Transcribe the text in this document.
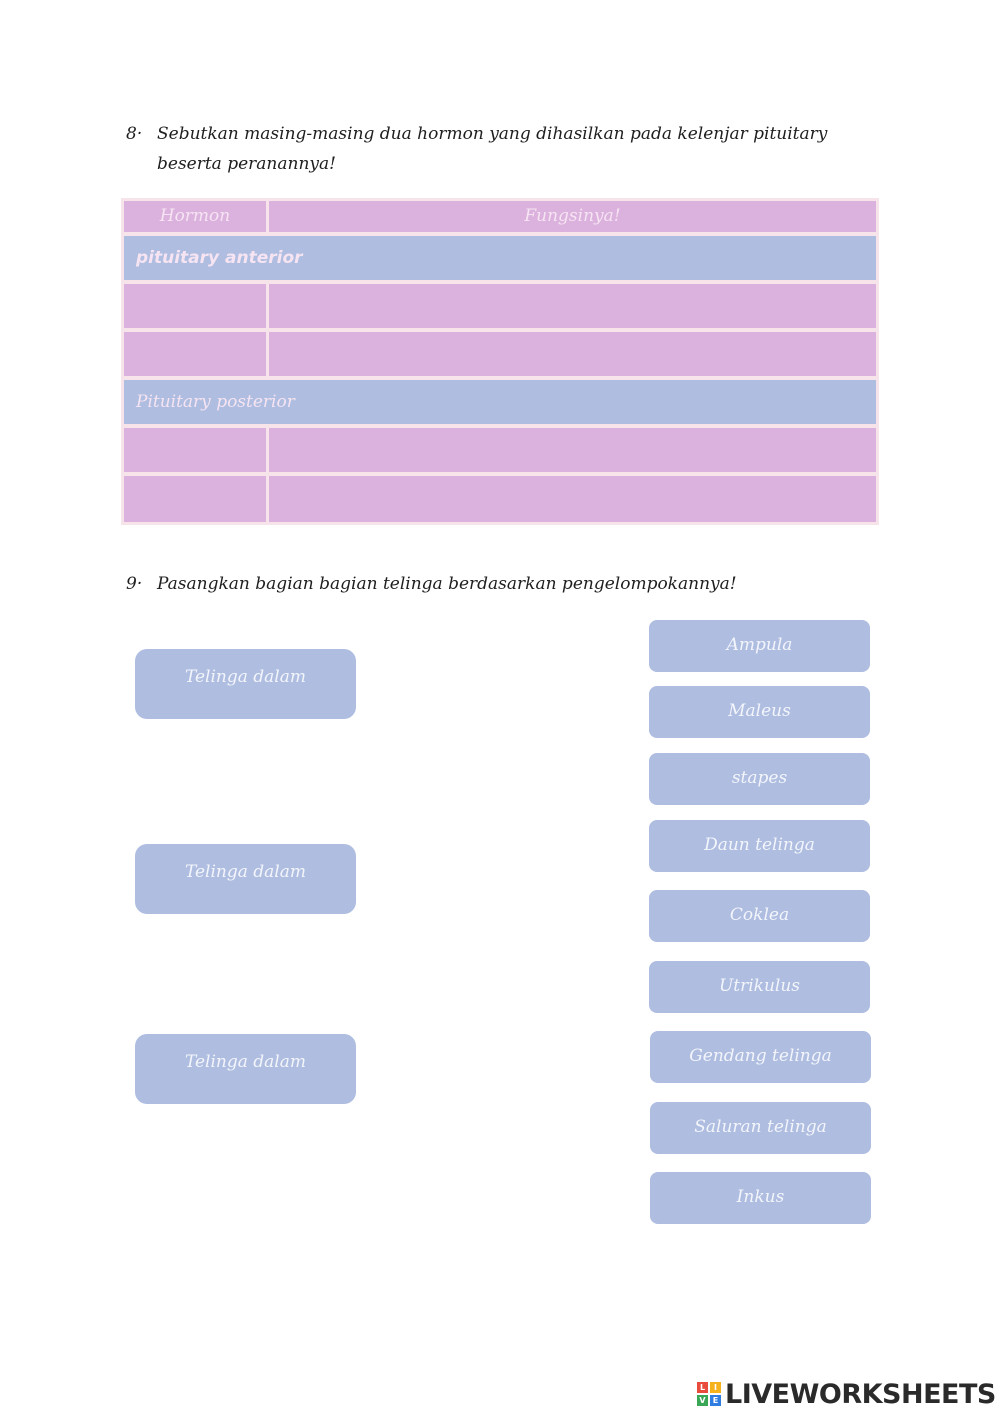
8· Sebutkan masing-masing dua hormon yang dihasilkan pada kelenjar pituitary
beserta peranannya!
Hormon	Fungsinya!
pituitary anterior
Pituitary posterior
9· Pasangkan bagian bagian telinga berdasarkan pengelompokannya!
Telinga dalam
Telinga dalam
Telinga dalam
Ampula
Maleus
stapes
Daun telinga
Coklea
Utrikulus
Gendang telinga
Saluran telinga
Inkus
L	I
V E LIVEWORKSHEETS
